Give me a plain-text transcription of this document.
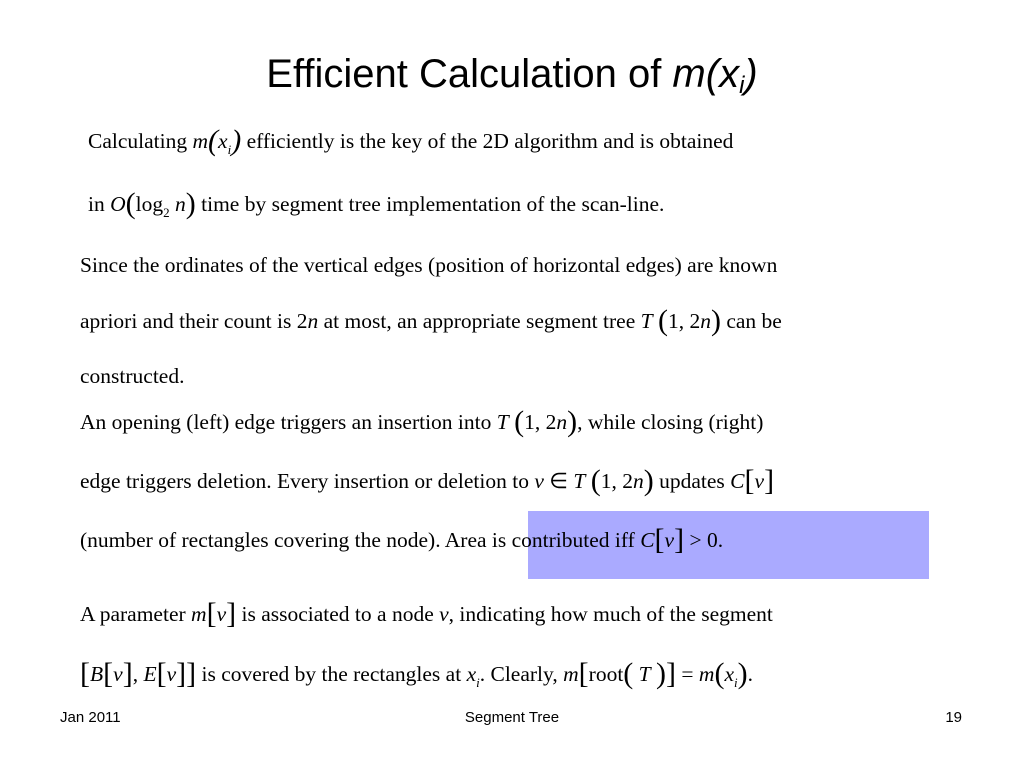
Efficient Calculation of $m(x_i)$
Calculating $m(x_i)$ efficiently is the key of the 2D algorithm and is obtained
in $O(\log_2$ n) time by segment tree implementation of the scan-line.
Since the ordinates of the vertical edges (position of horizontal edges) are known
apriori and their count is 2n at most, an appropriate segment tree T (1, 2n) can be
constructed.
An opening (left) edge triggers an insertion into T (1, 2n), while closing (right)
edge triggers deletion. Every insertion or deletion to v ∈ T (1, 2n) updates C[v]
(number of rectangles covering the node). Area is contributed iff C[v] > 0.
A parameter m[v] is associated to a node v, indicating how much of the segment
[B[v], E[v]] is covered by the rectangles at $x_i$. Clearly, m[root( T )] = $m(x_i)$.
Jan 2011	Segment Tree	19
